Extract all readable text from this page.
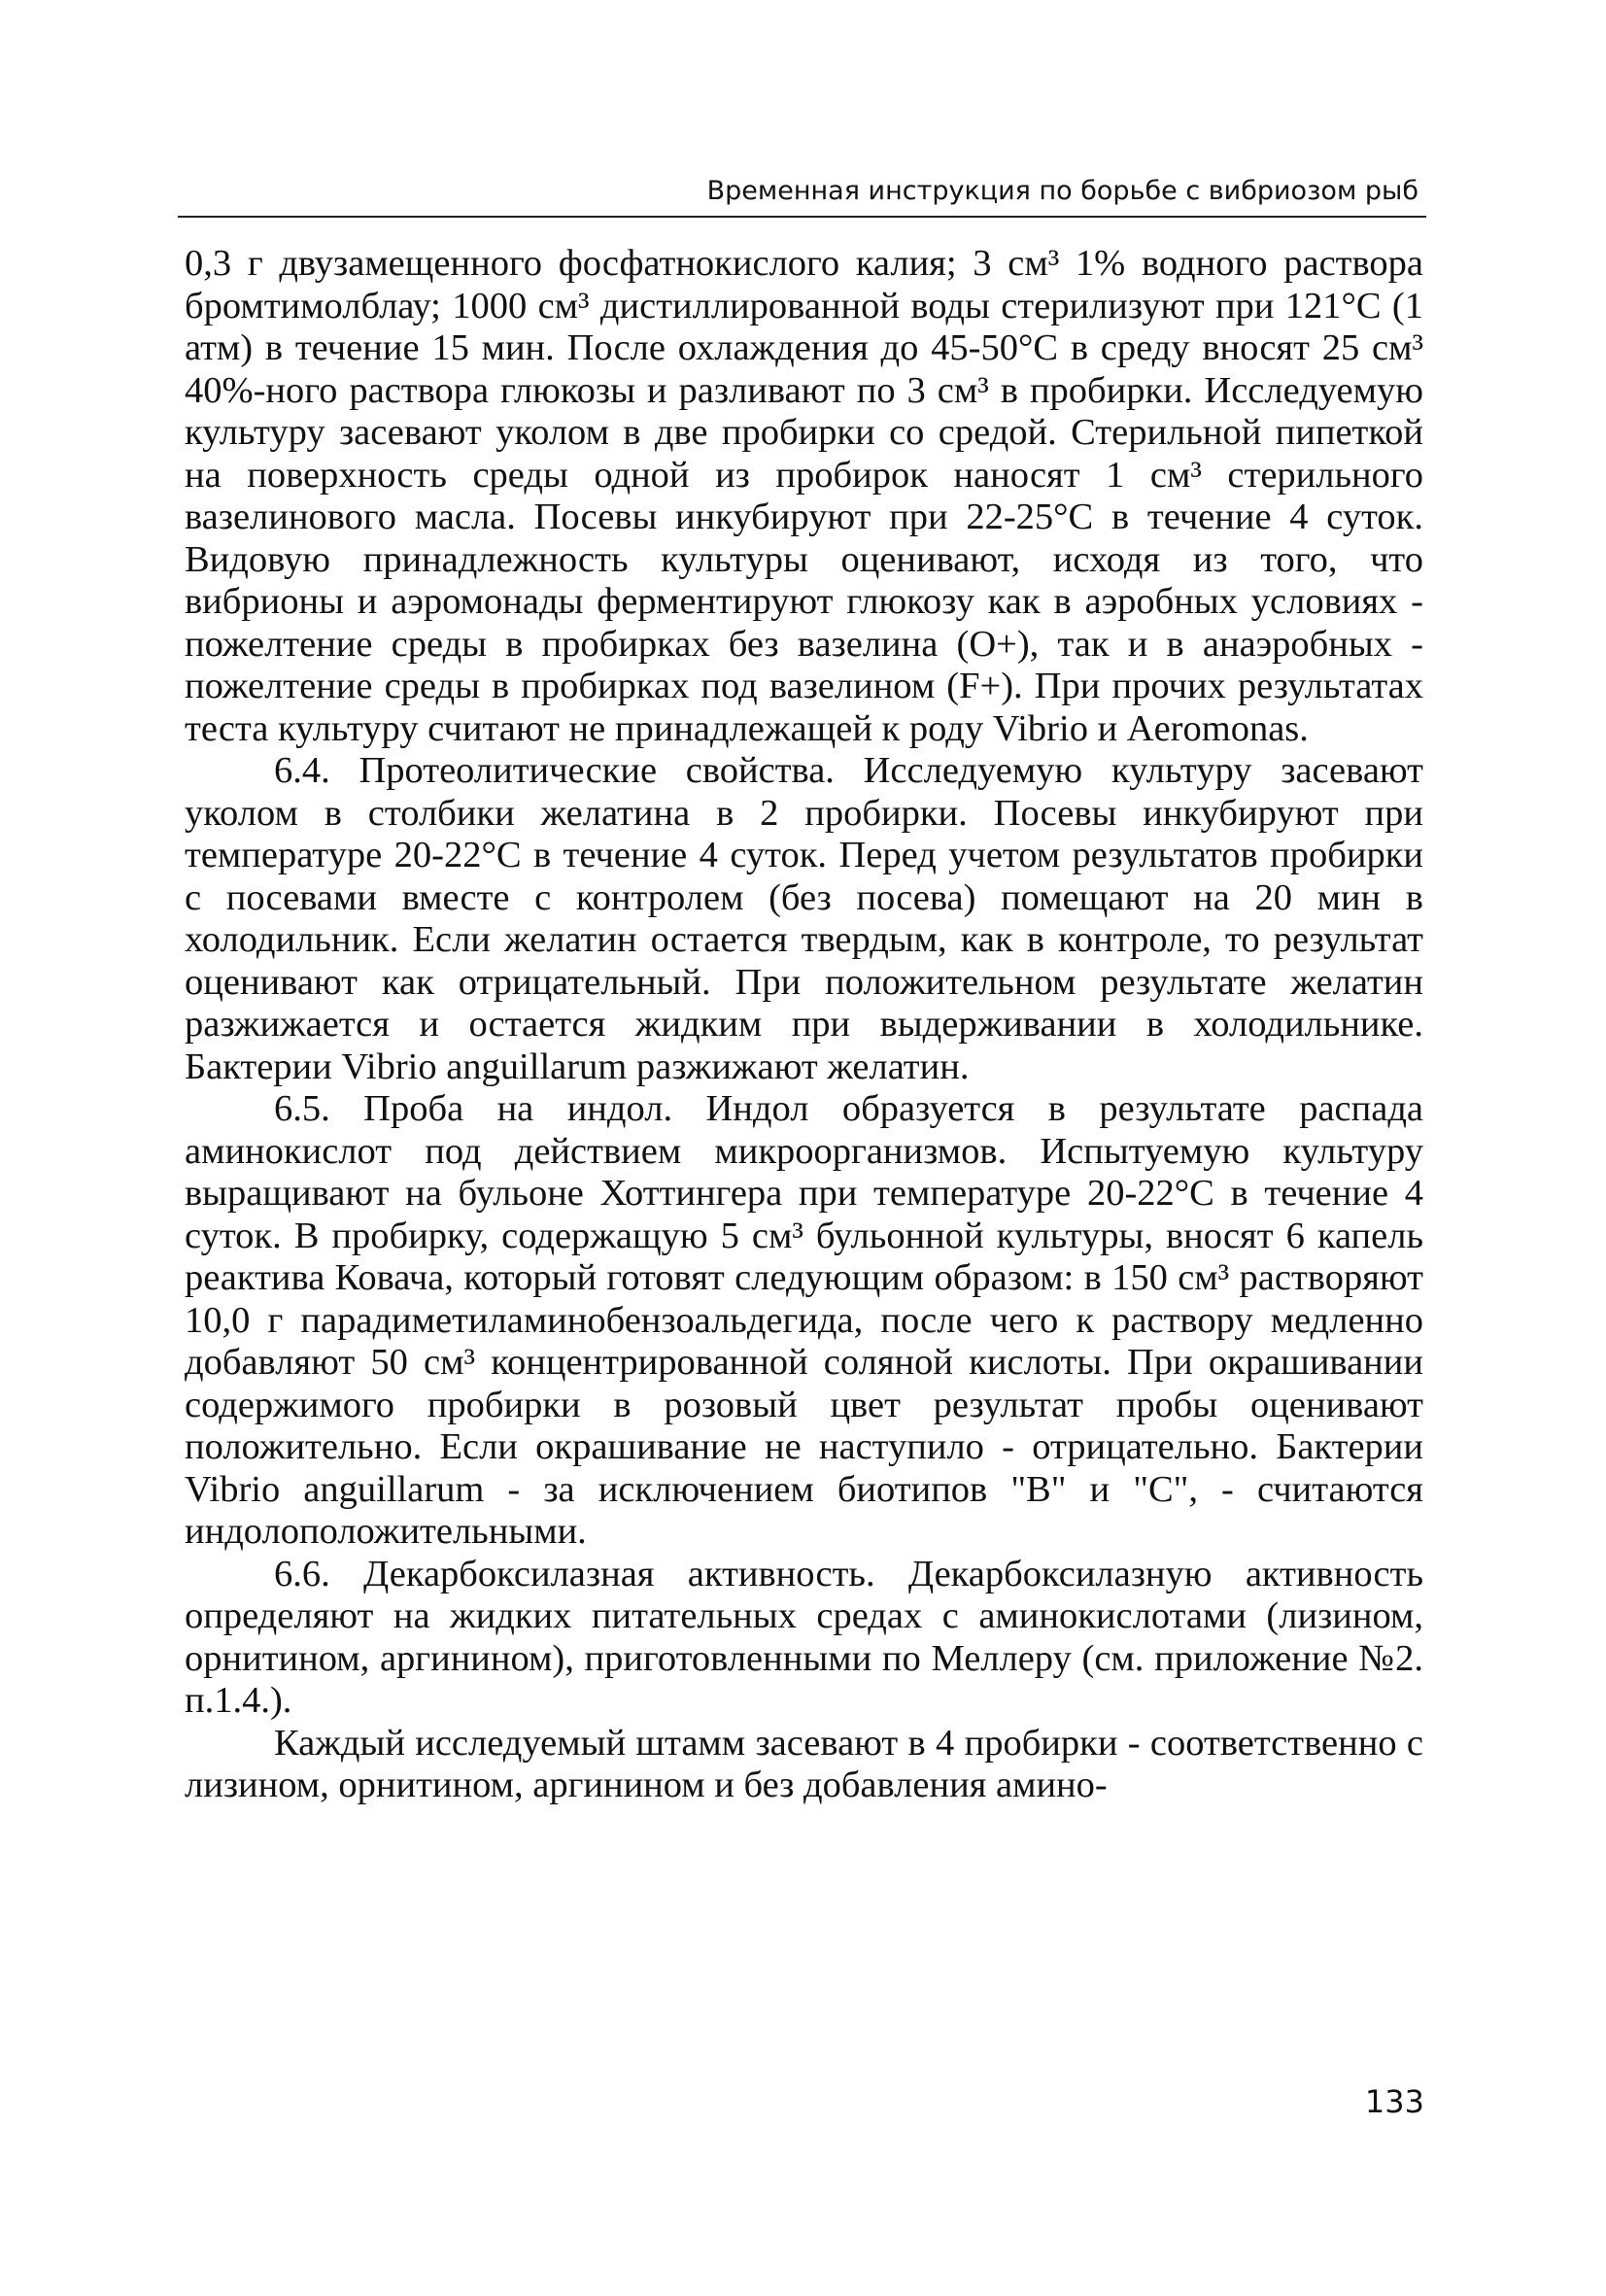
Временная инструкция по борьбе с вибриозом рыб

0,3 г двузамещенного фосфатнокислого калия; 3 см³ 1% водного раствора бромтимолблау; 1000 см³ дистиллированной воды стерилизуют при 121°С (1 атм) в течение 15 мин. После охлаждения до 45-50°С в среду вносят 25 см³ 40%-ного раствора глюкозы и разливают по 3 см³ в пробирки. Исследуемую культуру засевают уколом в две пробирки со средой. Стерильной пипеткой на поверхность среды одной из пробирок наносят 1 см³ стерильного вазелинового масла. Посевы инкубируют при 22-25°С в течение 4 суток. Видовую принадлежность культуры оценивают, исходя из того, что вибрионы и аэромонады ферментируют глюкозу как в аэробных условиях - пожелтение среды в пробирках без вазелина (О+), так и в анаэробных - пожелтение среды в пробирках под вазелином (F+). При прочих результатах теста культуру считают не принадлежащей к роду Vibrio и Aeromonas.

6.4. Протеолитические свойства. Исследуемую культуру засевают уколом в столбики желатина в 2 пробирки. Посевы инкубируют при температуре 20-22°С в течение 4 суток. Перед учетом результатов пробирки с посевами вместе с контролем (без посева) помещают на 20 мин в холодильник. Если желатин остается твердым, как в контроле, то результат оценивают как отрицательный. При положительном результате желатин разжижается и остается жидким при выдерживании в холодильнике. Бактерии Vibrio anguillarum разжижают желатин.

6.5. Проба на индол. Индол образуется в результате распада аминокислот под действием микроорганизмов. Испытуемую культуру выращивают на бульоне Хоттингера при температуре 20-22°С в течение 4 суток. В пробирку, содержащую 5 см³ бульонной культуры, вносят 6 капель реактива Ковача, который готовят следующим образом: в 150 см³ растворяют 10,0 г парадиметиламинобензоальдегида, после чего к раствору медленно добавляют 50 см³ концентрированной соляной кислоты. При окрашивании содержимого пробирки в розовый цвет результат пробы оценивают положительно. Если окрашивание не наступило - отрицательно. Бактерии Vibrio anguillarum - за исключением биотипов "В" и "С", - считаются индолоположительными.

6.6. Декарбоксилазная активность. Декарбоксилазную активность определяют на жидких питательных средах с аминокислотами (лизином, орнитином, аргинином), приготовленными по Меллеру (см. приложение №2. п.1.4.).

Каждый исследуемый штамм засевают в 4 пробирки - соответственно с лизином, орнитином, аргинином и без добавления амино-

133
